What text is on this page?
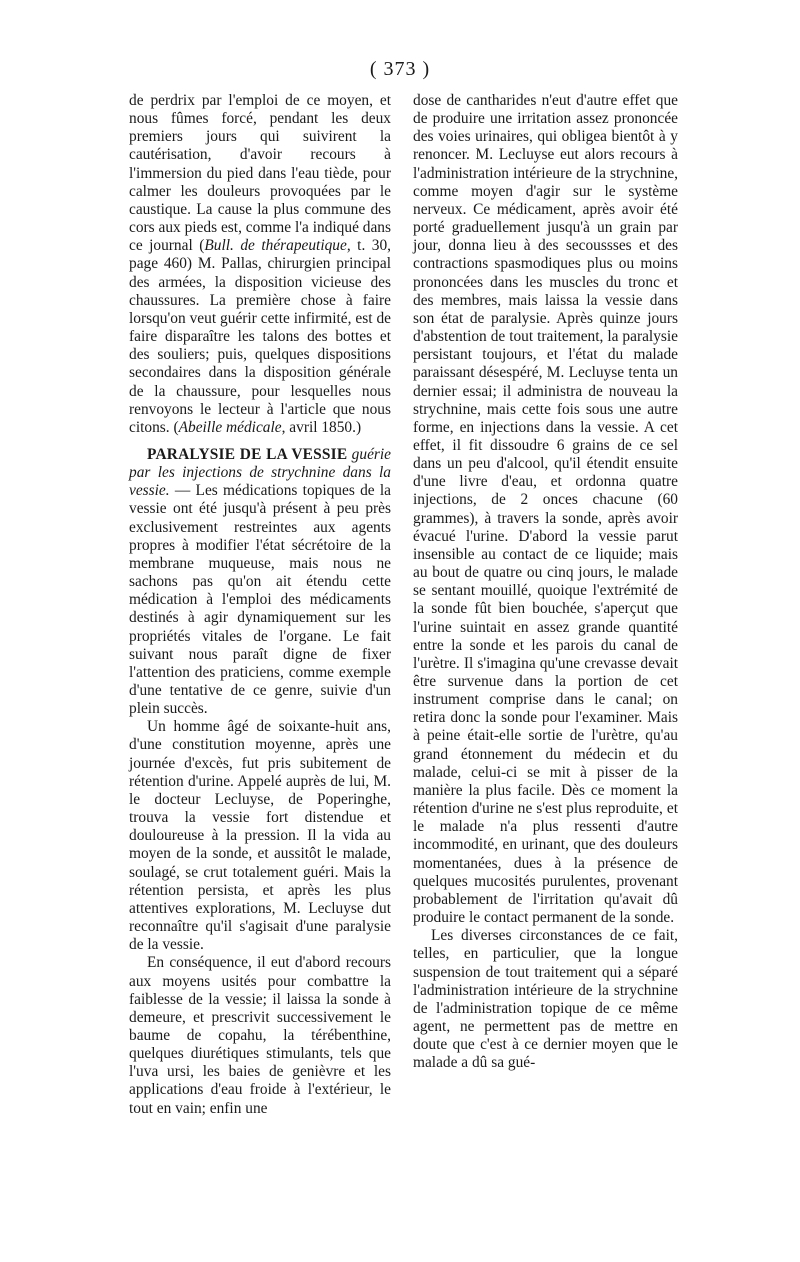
( 373 )

de perdrix par l'emploi de ce moyen, et nous fûmes forcé, pendant les deux premiers jours qui suivirent la cautérisation, d'avoir recours à l'immersion du pied dans l'eau tiède, pour calmer les douleurs provoquées par le caustique. La cause la plus commune des cors aux pieds est, comme l'a indiqué dans ce journal (Bull. de thérapeutique, t. 30, page 460) M. Pallas, chirurgien principal des armées, la disposition vicieuse des chaussures. La première chose à faire lorsqu'on veut guérir cette infirmité, est de faire disparaître les talons des bottes et des souliers; puis, quelques dispositions secondaires dans la disposition générale de la chaussure, pour lesquelles nous renvoyons le lecteur à l'article que nous citons. (Abeille médicale, avril 1850.)

PARALYSIE DE LA VESSIE guérie par les injections de strychnine dans la vessie. — Les médications topiques de la vessie ont été jusqu'à présent à peu près exclusivement restreintes aux agents propres à modifier l'état sécrétoire de la membrane muqueuse, mais nous ne sachons pas qu'on ait étendu cette médication à l'emploi des médicaments destinés à agir dynamiquement sur les propriétés vitales de l'organe. Le fait suivant nous paraît digne de fixer l'attention des praticiens, comme exemple d'une tentative de ce genre, suivie d'un plein succès.

Un homme âgé de soixante-huit ans, d'une constitution moyenne, après une journée d'excès, fut pris subitement de rétention d'urine. Appelé auprès de lui, M. le docteur Lecluyse, de Poperinghe, trouva la vessie fort distendue et douloureuse à la pression. Il la vida au moyen de la sonde, et aussitôt le malade, soulagé, se crut totalement guéri. Mais la rétention persista, et après les plus attentives explorations, M. Lecluyse dut reconnaître qu'il s'agisait d'une paralysie de la vessie.

En conséquence, il eut d'abord recours aux moyens usités pour combattre la faiblesse de la vessie; il laissa la sonde à demeure, et prescrivit successivement le baume de copahu, la térébenthine, quelques diurétiques stimulants, tels que l'uva ursi, les baies de genièvre et les applications d'eau froide à l'extérieur, le tout en vain; enfin une

dose de cantharides n'eut d'autre effet que de produire une irritation assez prononcée des voies urinaires, qui obligea bientôt à y renoncer. M. Lecluyse eut alors recours à l'administration intérieure de la strychnine, comme moyen d'agir sur le système nerveux. Ce médicament, après avoir été porté graduellement jusqu'à un grain par jour, donna lieu à des secoussses et des contractions spasmodiques plus ou moins prononcées dans les muscles du tronc et des membres, mais laissa la vessie dans son état de paralysie. Après quinze jours d'abstention de tout traitement, la paralysie persistant toujours, et l'état du malade paraissant désespéré, M. Lecluyse tenta un dernier essai; il administra de nouveau la strychnine, mais cette fois sous une autre forme, en injections dans la vessie. A cet effet, il fit dissoudre 6 grains de ce sel dans un peu d'alcool, qu'il étendit ensuite d'une livre d'eau, et ordonna quatre injections, de 2 onces chacune (60 grammes), à travers la sonde, après avoir évacué l'urine. D'abord la vessie parut insensible au contact de ce liquide; mais au bout de quatre ou cinq jours, le malade se sentant mouillé, quoique l'extrémité de la sonde fût bien bouchée, s'aperçut que l'urine suintait en assez grande quantité entre la sonde et les parois du canal de l'urètre. Il s'imagina qu'une crevasse devait être survenue dans la portion de cet instrument comprise dans le canal; on retira donc la sonde pour l'examiner. Mais à peine était-elle sortie de l'urètre, qu'au grand étonnement du médecin et du malade, celui-ci se mit à pisser de la manière la plus facile. Dès ce moment la rétention d'urine ne s'est plus reproduite, et le malade n'a plus ressenti d'autre incommodité, en urinant, que des douleurs momentanées, dues à la présence de quelques mucosités purulentes, provenant probablement de l'irritation qu'avait dû produire le contact permanent de la sonde.

Les diverses circonstances de ce fait, telles, en particulier, que la longue suspension de tout traitement qui a séparé l'administration intérieure de la strychnine de l'administration topique de ce même agent, ne permettent pas de mettre en doute que c'est à ce dernier moyen que le malade a dû sa gué-
